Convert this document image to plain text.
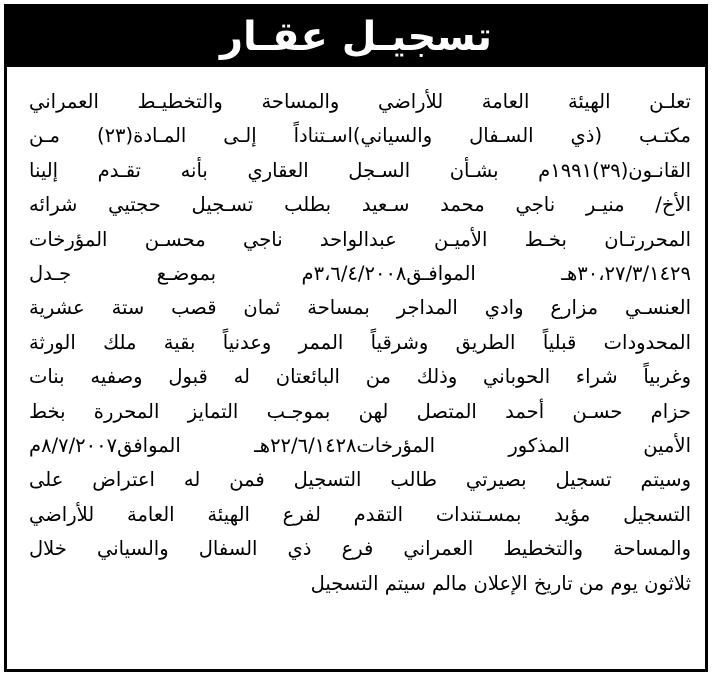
تسجيـل عقـار
تعلـن الهيئة العامة للأراضي والمساحة والتخطيـط العمراني
مكتـب (ذي السـفال والسياني)اسـتناداً إلـى المـادة(٢٣) مـن
القانـون(٣٩)١٩٩١م بشـأن السـجل العقاري بأنه تقـدم إلينا
الأخ/ منيـر ناجي محمد سـعيد بطلب تسـجيل حجتيي شرائه
المحررتـان بخـط الأميـن عبدالواحد ناجي محسـن المؤرخات
٣٠،٢٧/٣/١٤٢٩هـ الموافـق٣،٦/٤/٢٠٠٨م بموضـع جـدل
العنسـي مزارع وادي المداجر بمساحة ثمان قصب ستة عشرية
المحدودات قبلياً الطريق وشرقياً الممر وعدنياً بقية ملك الورثة
وغربياً شراء الحوباني وذلك من البائعتان له قبول وصفيه بنات
حزام حسـن أحمد المتصل لهن بموجـب التمايز المحررة بخط
الأمين المذكور المؤرخات٢٢/٦/١٤٢٨هـ الموافق٨/٧/٢٠٠٧م
وسيتم تسجيل بصيرتي طالب التسجيل فمن له اعتراض على
التسجيل مؤيد بمسـتندات التقدم لفرع الهيئة العامة للأراضي
والمساحة والتخطيط العمراني فرع ذي السفال والسياني خلال
ثلاثون يوم من تاريخ الإعلان مالم سيتم التسجيل
